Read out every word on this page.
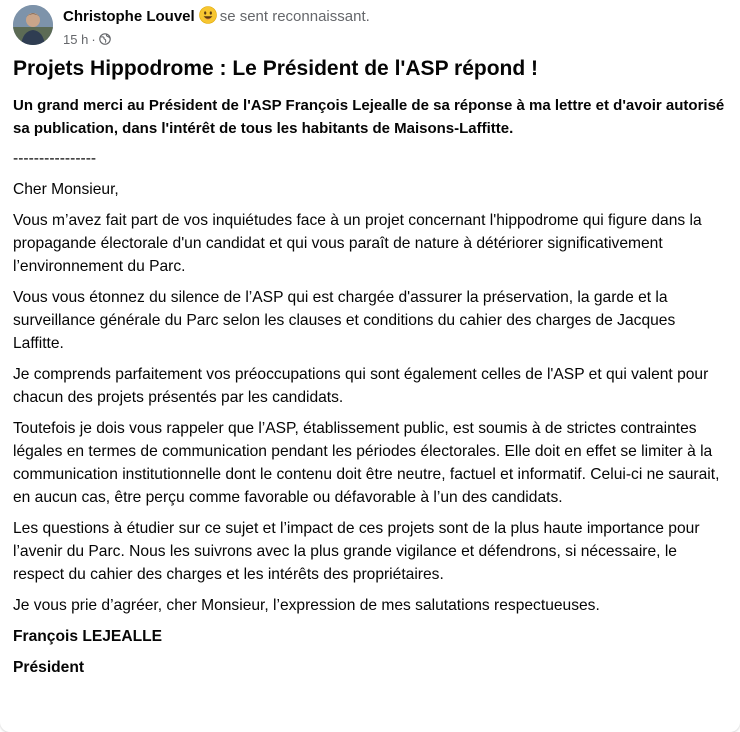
Christophe Louvel se sent reconnaissant.
15 h ·
Projets Hippodrome : Le Président de l'ASP répond !
Un grand merci au Président de l'ASP François Lejealle de sa réponse à ma lettre et d'avoir autorisé sa publication, dans l'intérêt de tous les habitants de Maisons-Laffitte.
----------------
Cher Monsieur,
Vous m’avez fait part de vos inquiétudes face à un projet concernant l'hippodrome qui figure dans la propagande électorale d'un candidat et qui vous paraît de nature à détériorer significativement l’environnement du Parc.
Vous vous étonnez du silence de l’ASP qui est chargée d'assurer la préservation, la garde et la surveillance générale du Parc selon les clauses et conditions du cahier des charges de Jacques Laffitte.
Je comprends parfaitement vos préoccupations qui sont également celles de l'ASP et qui valent pour chacun des projets présentés par les candidats.
Toutefois je dois vous rappeler que l’ASP, établissement public, est soumis à de strictes contraintes légales en termes de communication pendant les périodes électorales. Elle doit en effet se limiter à la communication institutionnelle dont le contenu doit être neutre, factuel et informatif. Celui-ci ne saurait, en aucun cas, être perçu comme favorable ou défavorable à l’un des candidats.
Les questions à étudier sur ce sujet et l’impact de ces projets sont de la plus haute importance pour l’avenir du Parc. Nous les suivrons avec la plus grande vigilance et défendrons, si nécessaire, le respect du cahier des charges et les intérêts des propriétaires.
Je vous prie d’agréer, cher Monsieur, l’expression de mes salutations respectueuses.
François LEJEALLE
Président
